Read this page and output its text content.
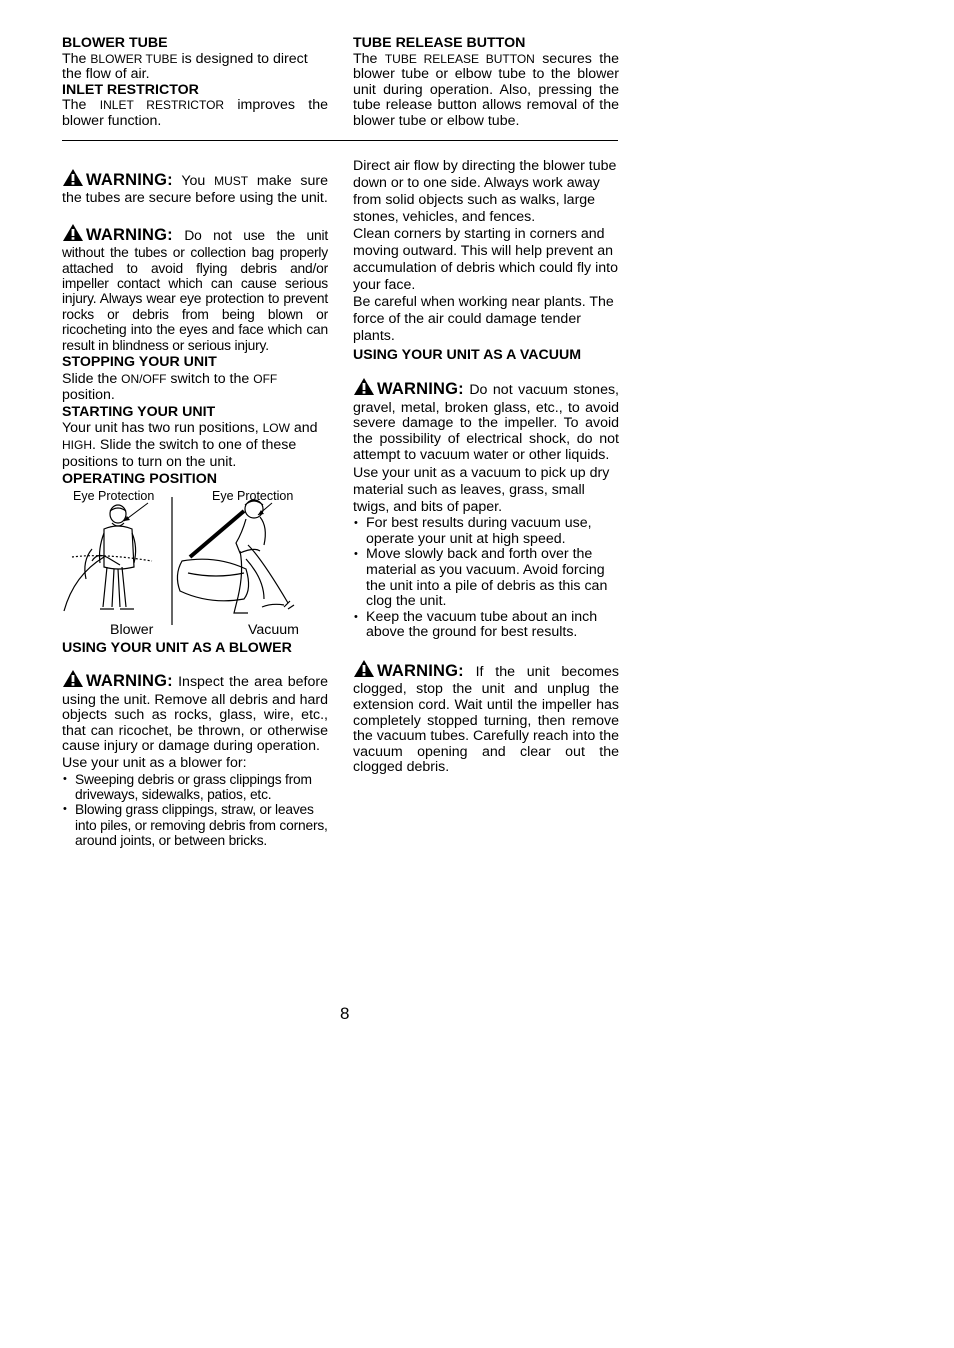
BLOWER TUBE

The BLOWER TUBE is designed to direct the flow of air.

INLET RESTRICTOR

The INLET RESTRICTOR improves the blower function.

WARNING: You MUST make sure the tubes are secure before using the unit.

WARNING: Do not use the unit without the tubes or collection bag properly attached to avoid flying debris and/or impeller contact which can cause serious injury. Always wear eye protection to prevent rocks or debris from being blown or ricocheting into the eyes and face which can result in blindness or serious injury.

STOPPING YOUR UNIT

Slide the ON/OFF switch to the OFF position.

STARTING YOUR UNIT

Your unit has two run positions, LOW and HIGH. Slide the switch to one of these positions to turn on the unit.

OPERATING POSITION
Eye Protection	Eye Protection
Blower	Vacuum
USING YOUR UNIT AS A BLOWER

WARNING: Inspect the area before using the unit. Remove all debris and hard objects such as rocks, glass, wire, etc., that can ricochet, be thrown, or otherwise cause injury or damage during operation.

Use your unit as a blower for:

• Sweeping debris or grass clippings from driveways, sidewalks, patios, etc.
• Blowing grass clippings, straw, or leaves into piles, or removing debris from corners, around joints, or between bricks.
TUBE RELEASE BUTTON

The TUBE RELEASE BUTTON secures the blower tube or elbow tube to the blower unit during operation. Also, pressing the tube release button allows removal of the blower tube or elbow tube.

Direct air flow by directing the blower tube down or to one side. Always work away from solid objects such as walks, large stones, vehicles, and fences.

Clean corners by starting in corners and moving outward. This will help prevent an accumulation of debris which could fly into your face.

Be careful when working near plants. The force of the air could damage tender plants.

USING YOUR UNIT AS A VACUUM

WARNING: Do not vacuum stones, gravel, metal, broken glass, etc., to avoid severe damage to the impeller. To avoid the possibility of electrical shock, do not attempt to vacuum water or other liquids.

Use your unit as a vacuum to pick up dry material such as leaves, grass, small twigs, and bits of paper.

• For best results during vacuum use, operate your unit at high speed.
• Move slowly back and forth over the material as you vacuum. Avoid forcing the unit into a pile of debris as this can clog the unit.
• Keep the vacuum tube about an inch above the ground for best results.

WARNING: If the unit becomes clogged, stop the unit and unplug the extension cord. Wait until the impeller has completely stopped turning, then remove the vacuum tubes. Carefully reach into the vacuum opening and clear out the clogged debris.

8
